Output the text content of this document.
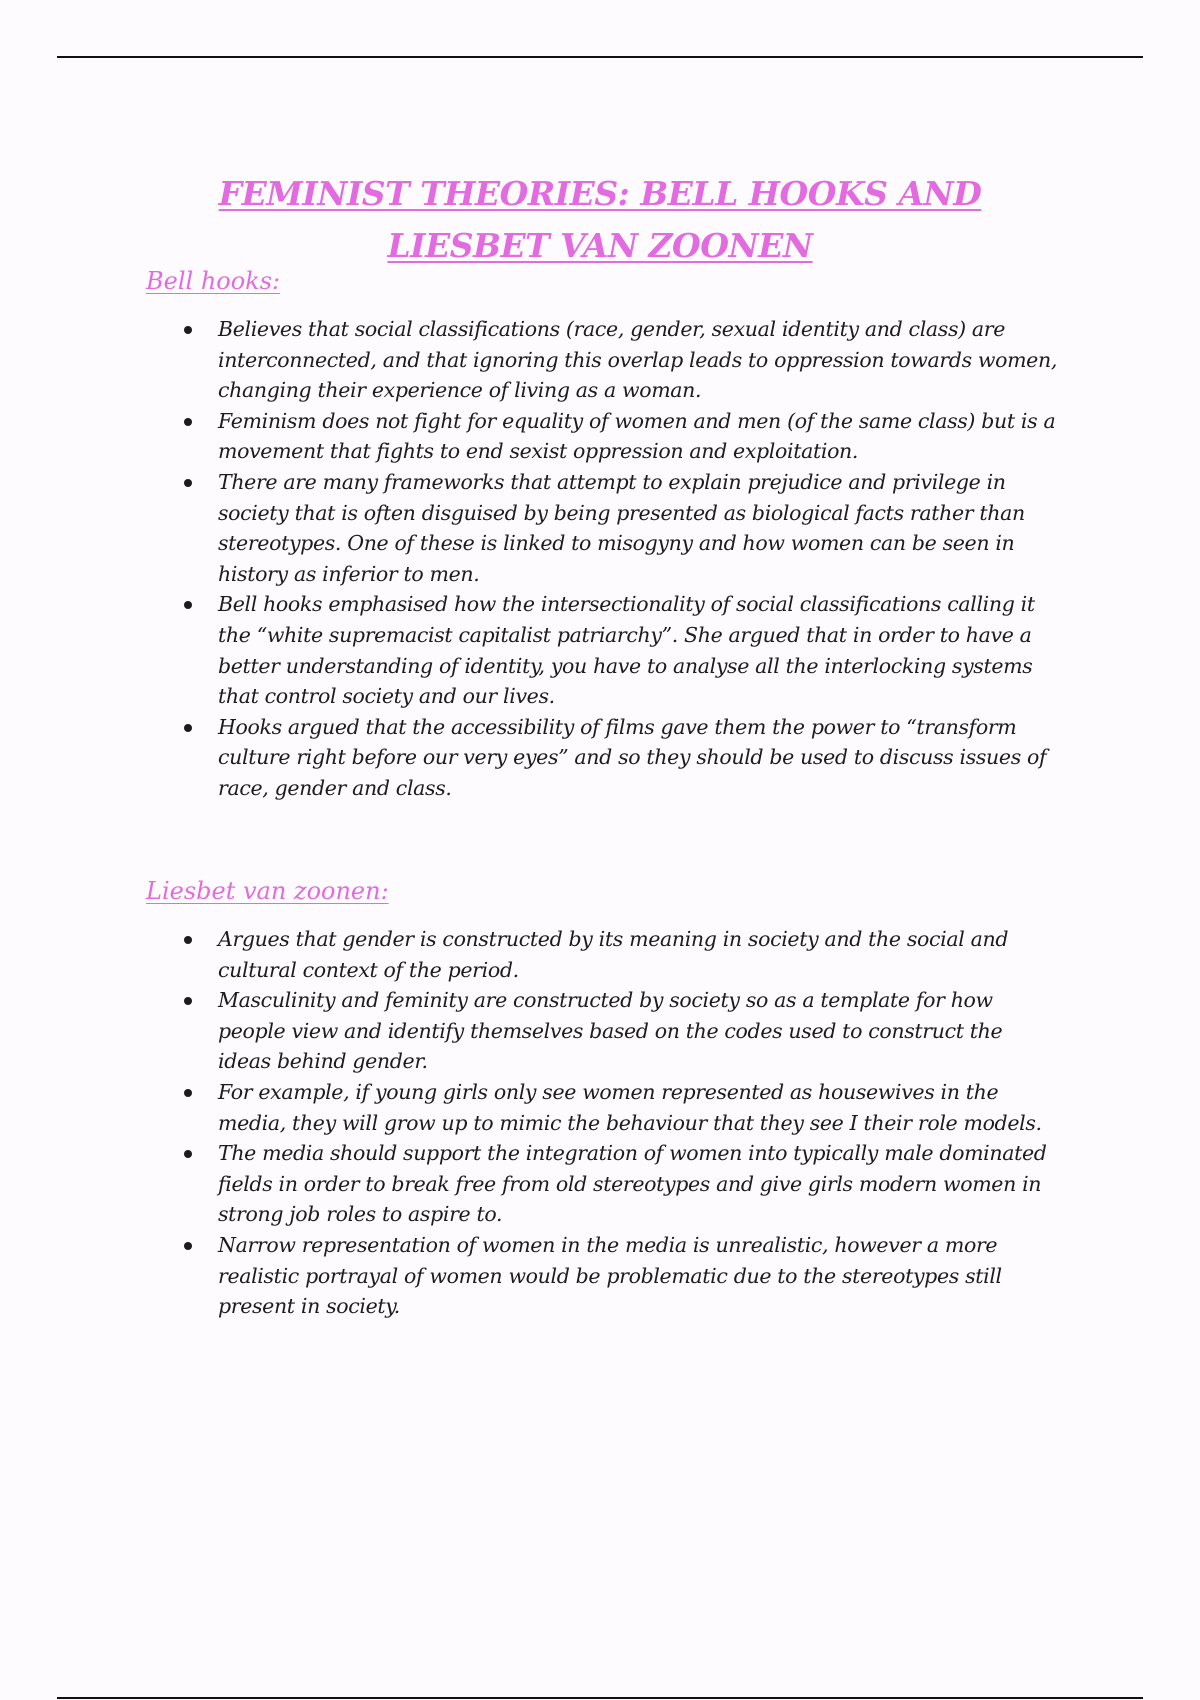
FEMINIST THEORIES: BELL HOOKS AND LIESBET VAN ZOONEN
Bell hooks:
Believes that social classifications (race, gender, sexual identity and class) are interconnected, and that ignoring this overlap leads to oppression towards women, changing their experience of living as a woman.
Feminism does not fight for equality of women and men (of the same class) but is a movement that fights to end sexist oppression and exploitation.
There are many frameworks that attempt to explain prejudice and privilege in society that is often disguised by being presented as biological facts rather than stereotypes. One of these is linked to misogyny and how women can be seen in history as inferior to men.
Bell hooks emphasised how the intersectionality of social classifications calling it the “white supremacist capitalist patriarchy”. She argued that in order to have a better understanding of identity, you have to analyse all the interlocking systems that control society and our lives.
Hooks argued that the accessibility of films gave them the power to “transform culture right before our very eyes” and so they should be used to discuss issues of race, gender and class.
Liesbet van zoonen:
Argues that gender is constructed by its meaning in society and the social and cultural context of the period.
Masculinity and feminity are constructed by society so as a template for how people view and identify themselves based on the codes used to construct the ideas behind gender.
For example, if young girls only see women represented as housewives in the media, they will grow up to mimic the behaviour that they see I their role models.
The media should support the integration of women into typically male dominated fields in order to break free from old stereotypes and give girls modern women in strong job roles to aspire to.
Narrow representation of women in the media is unrealistic, however a more realistic portrayal of women would be problematic due to the stereotypes still present in society.
